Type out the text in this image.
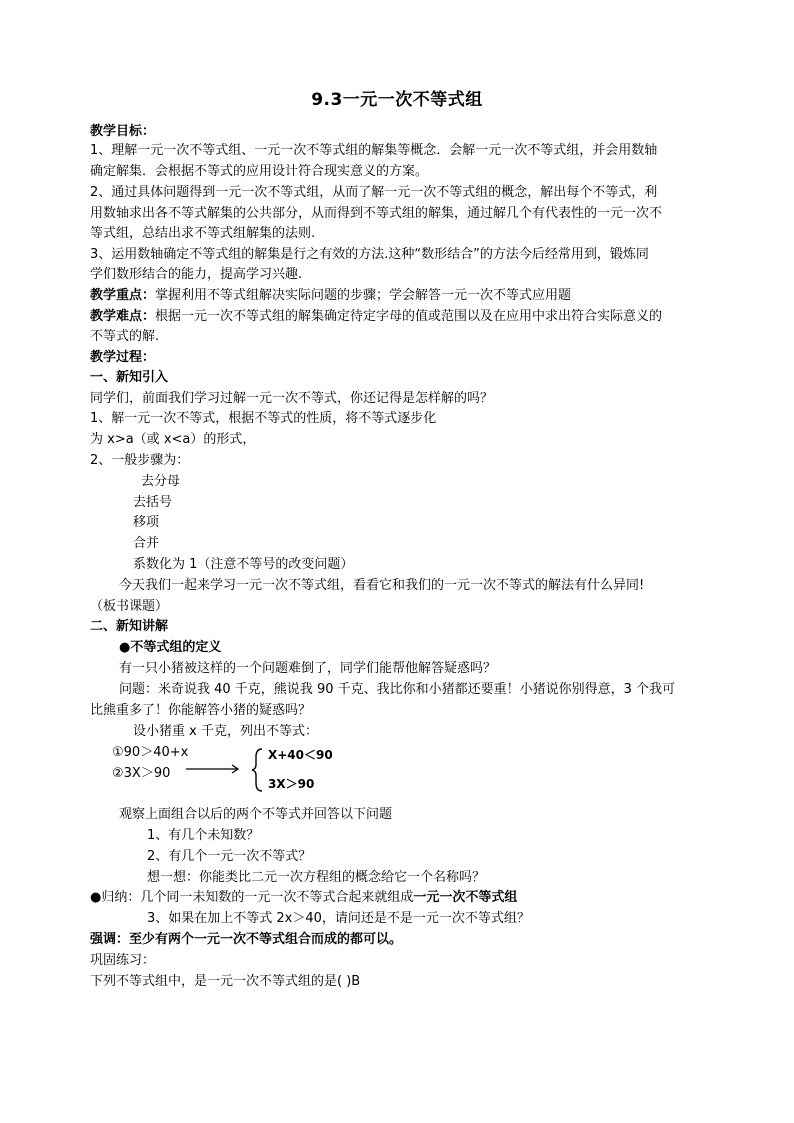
9.3一元一次不等式组
教学目标：
1、理解一元一次不等式组、一元一次不等式组的解集等概念．会解一元一次不等式组，并会用数轴
确定解集．会根据不等式的应用设计符合现实意义的方案。
2、通过具体问题得到一元一次不等式组，从而了解一元一次不等式组的概念，解出每个不等式，利
用数轴求出各不等式解集的公共部分，从而得到不等式组的解集，通过解几个有代表性的一元一次不
等式组，总结出求不等式组解集的法则.
3、运用数轴确定不等式组的解集是行之有效的方法.这种“数形结合”的方法今后经常用到，锻炼同
学们数形结合的能力，提高学习兴趣.
教学重点：掌握利用不等式组解决实际问题的步骤；学会解答一元一次不等式应用题
教学难点：根据一元一次不等式组的解集确定待定字母的值或范围以及在应用中求出符合实际意义的
不等式的解.
教学过程：
一、新知引入
同学们，前面我们学习过解一元一次不等式，你还记得是怎样解的吗？
1、解一元一次不等式，根据不等式的性质，将不等式逐步化
为 x>a（或 x<a）的形式，
2、一般步骤为：
去分母
去括号
移项
合并
系数化为 1（注意不等号的改变问题）
今天我们一起来学习一元一次不等式组，看看它和我们的一元一次不等式的解法有什么异同!
（板书课题）
二、新知讲解
●不等式组的定义
有一只小猪被这样的一个问题难倒了，同学们能帮他解答疑惑吗？
问题：米奇说我 40 千克，熊说我 90 千克、我比你和小猪都还要重！小猪说你别得意，3 个我可
比熊重多了！你能解答小猪的疑惑吗？
设小猪重 x 千克，列出不等式：
①90＞40+x
②3X＞90
X+40＜90
3X＞90
观察上面组合以后的两个不等式并回答以下问题
1、有几个未知数？
2、有几个一元一次不等式？
想一想：你能类比二元一次方程组的概念给它一个名称吗？
●归纳：几个同一未知数的一元一次不等式合起来就组成一元一次不等式组
3、如果在加上不等式 2x＞40，请问还是不是一元一次不等式组？
强调：至少有两个一元一次不等式组合而成的都可以。
巩固练习：
下列不等式组中，是一元一次不等式组的是( )B
